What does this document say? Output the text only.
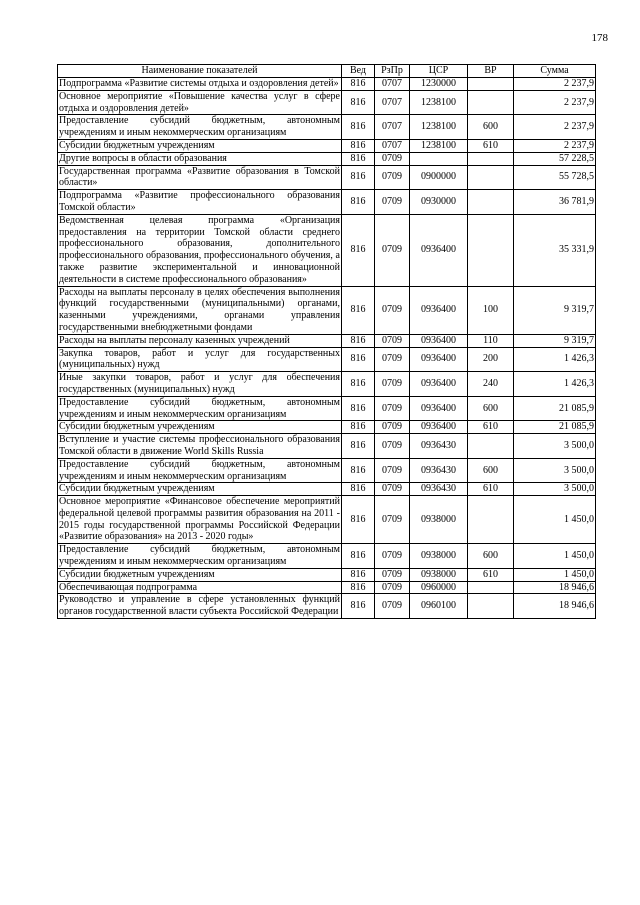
178
Наименование показателей	Вед	РзПр	ЦСР	ВР	Сумма
Подпрограмма «Развитие системы отдыха и оздоровления детей»	816	0707	1230000		2 237,9
Основное мероприятие «Повышение качества услуг в сфере отдыха и оздоровления детей»	816	0707	1238100		2 237,9
Предоставление субсидий бюджетным, автономным учреждениям и иным некоммерческим организациям	816	0707	1238100	600	2 237,9
Субсидии бюджетным учреждениям	816	0707	1238100	610	2 237,9
Другие вопросы в области образования	816	0709			57 228,5
Государственная программа «Развитие образования в Томской области»	816	0709	0900000		55 728,5
Подпрограмма «Развитие профессионального образования Томской области»	816	0709	0930000		36 781,9
Ведомственная целевая программа «Организация предоставления на территории Томской области среднего профессионального образования, дополнительного профессионального образования, профессионального обучения, а также развитие экспериментальной и инновационной деятельности в системе профессионального образования»	816	0709	0936400		35 331,9
Расходы на выплаты персоналу в целях обеспечения выполнения функций государственными (муниципальными) органами, казенными учреждениями, органами управления государственными внебюджетными фондами	816	0709	0936400	100	9 319,7
Расходы на выплаты персоналу казенных учреждений	816	0709	0936400	110	9 319,7
Закупка товаров, работ и услуг для государственных (муниципальных) нужд	816	0709	0936400	200	1 426,3
Иные закупки товаров, работ и услуг для обеспечения государственных (муниципальных) нужд	816	0709	0936400	240	1 426,3
Предоставление субсидий бюджетным, автономным учреждениям и иным некоммерческим организациям	816	0709	0936400	600	21 085,9
Субсидии бюджетным учреждениям	816	0709	0936400	610	21 085,9
Вступление и участие системы профессионального образования Томской области в движение World Skills Russia	816	0709	0936430		3 500,0
Предоставление субсидий бюджетным, автономным учреждениям и иным некоммерческим организациям	816	0709	0936430	600	3 500,0
Субсидии бюджетным учреждениям	816	0709	0936430	610	3 500,0
Основное мероприятие «Финансовое обеспечение мероприятий федеральной целевой программы развития образования на 2011 - 2015 годы государственной программы Российской Федерации «Развитие образования» на 2013 - 2020 годы»	816	0709	0938000		1 450,0
Предоставление субсидий бюджетным, автономным учреждениям и иным некоммерческим организациям	816	0709	0938000	600	1 450,0
Субсидии бюджетным учреждениям	816	0709	0938000	610	1 450,0
Обеспечивающая подпрограмма	816	0709	0960000		18 946,6
Руководство и управление в сфере установленных функций органов государственной власти субъекта Российской Федерации	816	0709	0960100		18 946,6
